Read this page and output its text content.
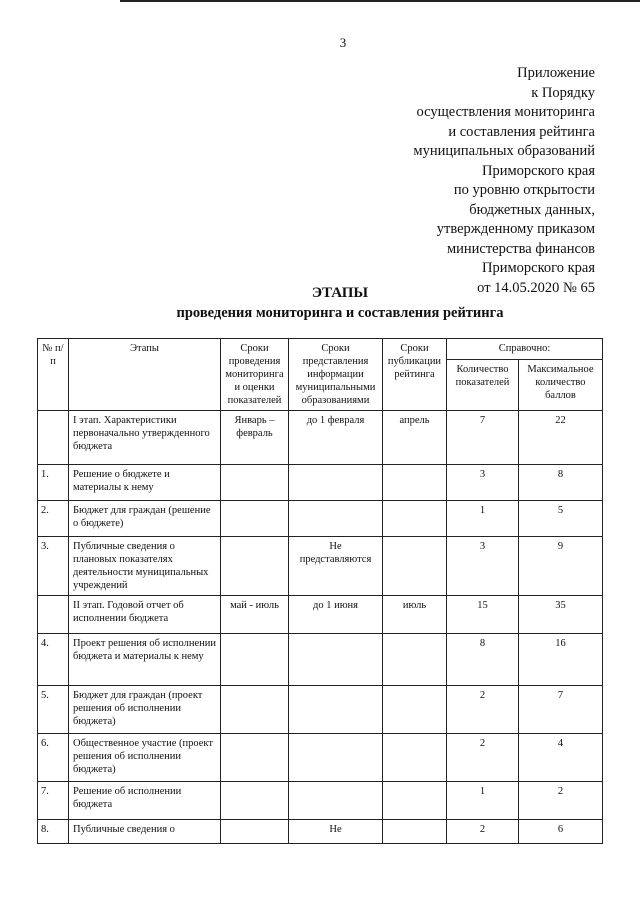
3
Приложение
к Порядку
осуществления мониторинга
и составления рейтинга
муниципальных образований
Приморского края
по уровню открытости
бюджетных данных,
утвержденному приказом
министерства финансов
Приморского края
от 14.05.2020 № 65
ЭТАПЫ
проведения мониторинга и составления рейтинга
№ п/п	Этапы	Сроки проведения мониторинга и оценки показателей	Сроки представления информации муниципальными образованиями	Сроки публикации рейтинга	Справочно:	
					Количество показателей	Максимальное количество баллов
	I этап. Характеристики первоначально утвержденного бюджета	Январь – февраль	до 1 февраля	апрель	7	22
1.	Решение о бюджете и материалы к нему				3	8
2.	Бюджет для граждан (решение о бюджете)				1	5
3.	Публичные сведения о плановых показателях деятельности муниципальных учреждений		Не представляются		3	9
	II этап. Годовой отчет об исполнении бюджета	май - июль	до 1 июня	июль	15	35
4.	Проект решения об исполнении бюджета и материалы к нему				8	16
5.	Бюджет для граждан (проект решения об исполнении бюджета)				2	7
6.	Общественное участие (проект решения об исполнении бюджета)				2	4
7.	Решение об исполнении бюджета				1	2
8.	Публичные сведения о		Не		2	6
